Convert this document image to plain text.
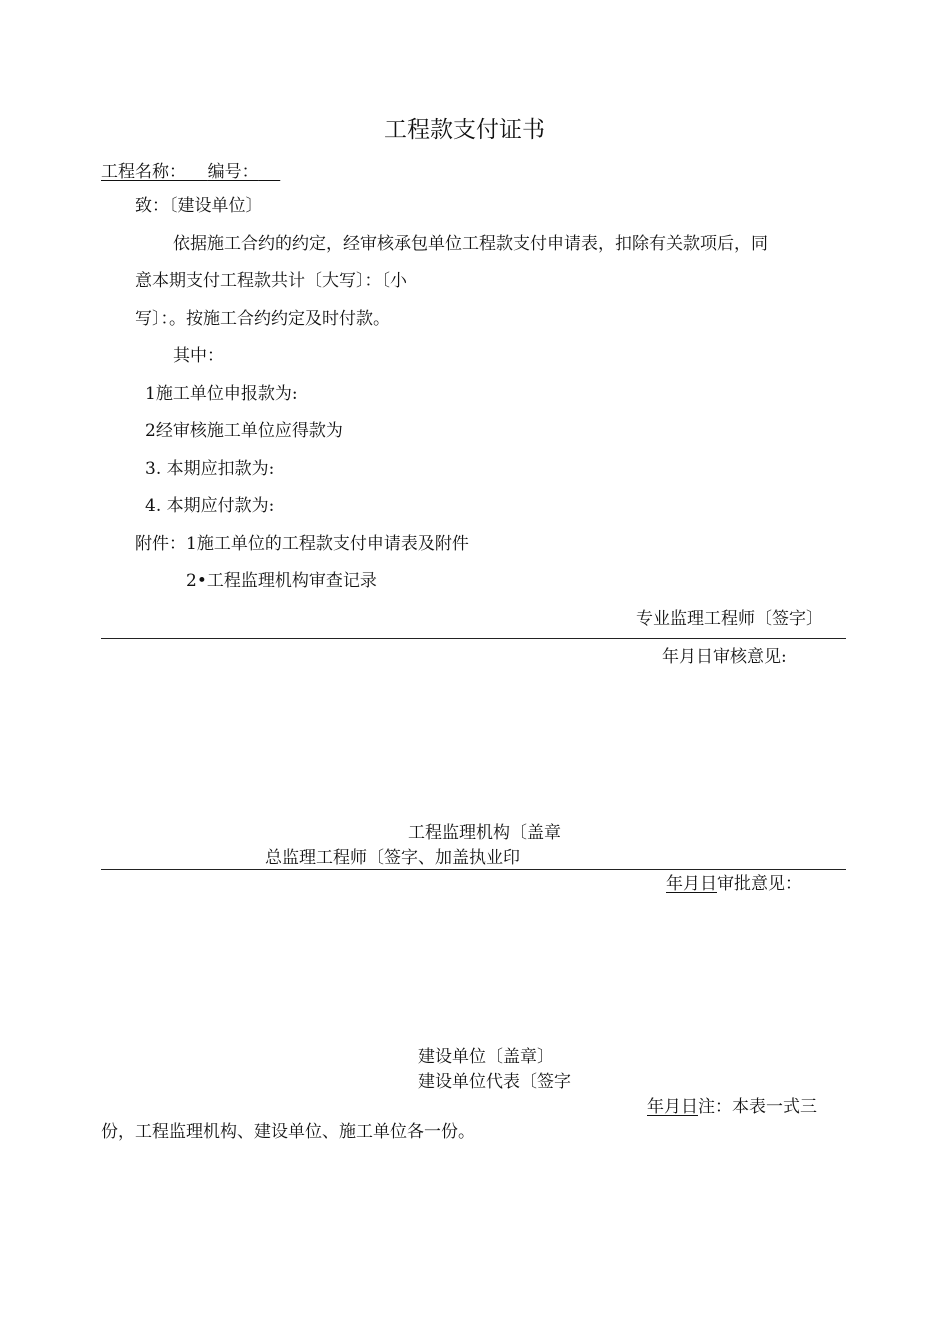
工程款支付证书
工程名称： 编号：
致：〔建设单位〕
依据施工合约的约定，经审核承包单位工程款支付申请表，扣除有关款项后，同
意本期支付工程款共计〔大写〕：〔小
写〕：。按施工合约约定及时付款。
其中：
1施工单位申报款为:
2经审核施工单位应得款为
3. 本期应扣款为:
4. 本期应付款为:
附件：1施工单位的工程款支付申请表及附件
2•工程监理机构审查记录
专业监理工程师〔签字〕
年月日审核意见:
工程监理机构〔盖章
总监理工程师〔签字、加盖执业印
年月日审批意见：
建设单位〔盖章〕
建设单位代表〔签字
年月日注：本表一式三
份，工程监理机构、建设单位、施工单位各一份。
